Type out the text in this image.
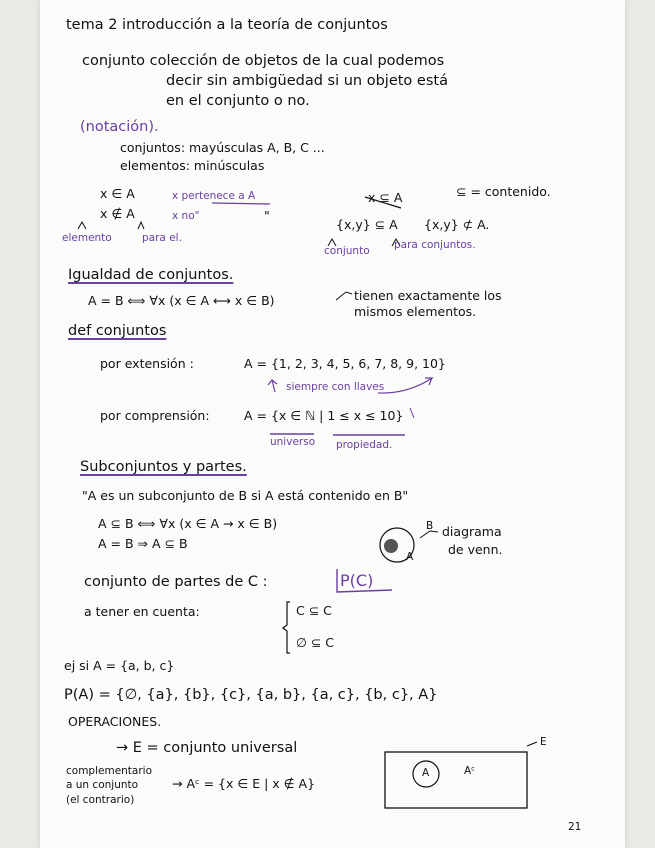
tema 2 introducción a la teoría de conjuntos
conjunto colección de objetos de la cual podemos
decir sin ambigüedad si un objeto está
en el conjunto o no.
(notación).
conjuntos: mayúsculas A, B, C ...
elementos: minúsculas
x ∈ A	x pertenece a A
x ∉ A	x no"	"
elemento	para el.
x ⊆ A	⊆ = contenido.
{x,y} ⊆ A {x,y} ⊄ A.
conjunto para conjuntos.
Igualdad de conjuntos.
A = B ⟺ ∀x (x ∈ A ⟷ x ∈ B)	tienen exactamente los
mismos elementos.
def conjuntos
por extensión :	A = {1, 2, 3, 4, 5, 6, 7, 8, 9, 10}
siempre con llaves
por comprensión:	A = {x ∈ ℕ | 1 ≤ x ≤ 10}
universo propiedad.
Subconjuntos y partes.
"A es un subconjunto de B si A está contenido en B"
A ⊆ B ⟺ ∀x (x ∈ A → x ∈ B)
A = B ⇒ A ⊆ B
B
A
diagrama
de venn.
conjunto de partes de C :	P(C)
a tener en cuenta:	C ⊆ C
∅ ⊆ C
ej si A = {a, b, c}
P(A) = {∅, {a}, {b}, {c}, {a, b}, {a, c}, {b, c}, A}
OPERACIONES.
→ E = conjunto universal
complementario
a un conjunto
(el contrario)
→ Aᶜ = {x ∈ E | x ∉ A}
E
A	Aᶜ
21
